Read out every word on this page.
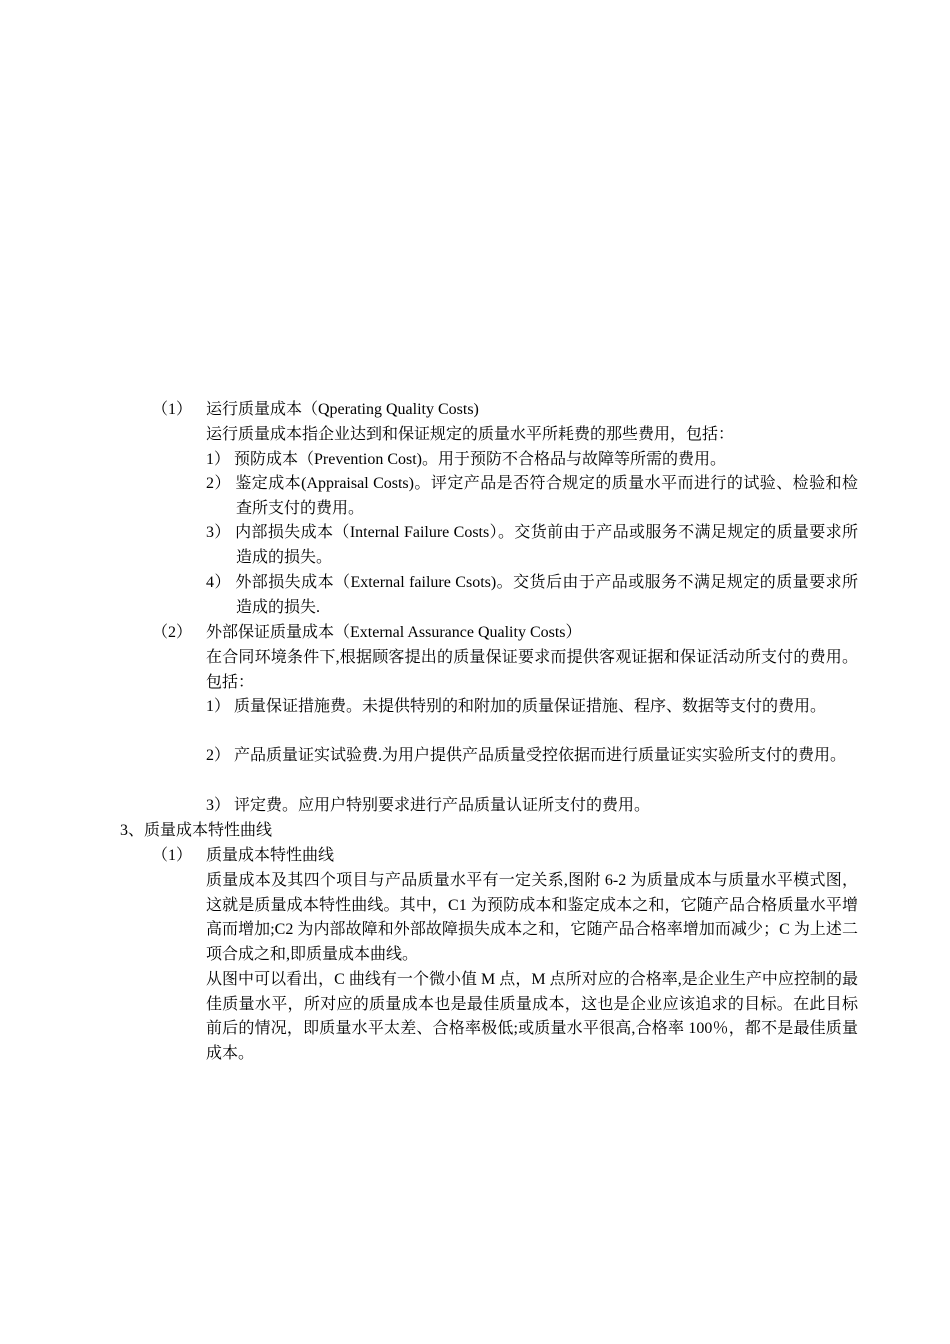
（1） 运行质量成本（Qperating Quality Costs)
运行质量成本指企业达到和保证规定的质量水平所耗费的那些费用，包括：
1） 预防成本（Prevention Cost)。用于预防不合格品与故障等所需的费用。
2） 鉴定成本(Appraisal Costs)。评定产品是否符合规定的质量水平而进行的试验、检验和检查所支付的费用。
3） 内部损失成本（Internal Failure Costs）。交货前由于产品或服务不满足规定的质量要求所造成的损失。
4） 外部损失成本（External failure Csots)。交货后由于产品或服务不满足规定的质量要求所造成的损失.
（2） 外部保证质量成本（External Assurance Quality Costs）
在合同环境条件下,根据顾客提出的质量保证要求而提供客观证据和保证活动所支付的费用。包括：
1） 质量保证措施费。未提供特别的和附加的质量保证措施、程序、数据等支付的费用。
2） 产品质量证实试验费.为用户提供产品质量受控依据而进行质量证实实验所支付的费用。
3） 评定费。应用户特别要求进行产品质量认证所支付的费用。
3、质量成本特性曲线
（1） 质量成本特性曲线
质量成本及其四个项目与产品质量水平有一定关系,图附 6-2 为质量成本与质量水平模式图，这就是质量成本特性曲线。其中，C1 为预防成本和鉴定成本之和，它随产品合格质量水平增高而增加;C2 为内部故障和外部故障损失成本之和，它随产品合格率增加而减少；C 为上述二项合成之和,即质量成本曲线。
从图中可以看出，C 曲线有一个微小值 M 点，M 点所对应的合格率,是企业生产中应控制的最佳质量水平，所对应的质量成本也是最佳质量成本，这也是企业应该追求的目标。在此目标前后的情况，即质量水平太差、合格率极低;或质量水平很高,合格率 100％，都不是最佳质量成本。
